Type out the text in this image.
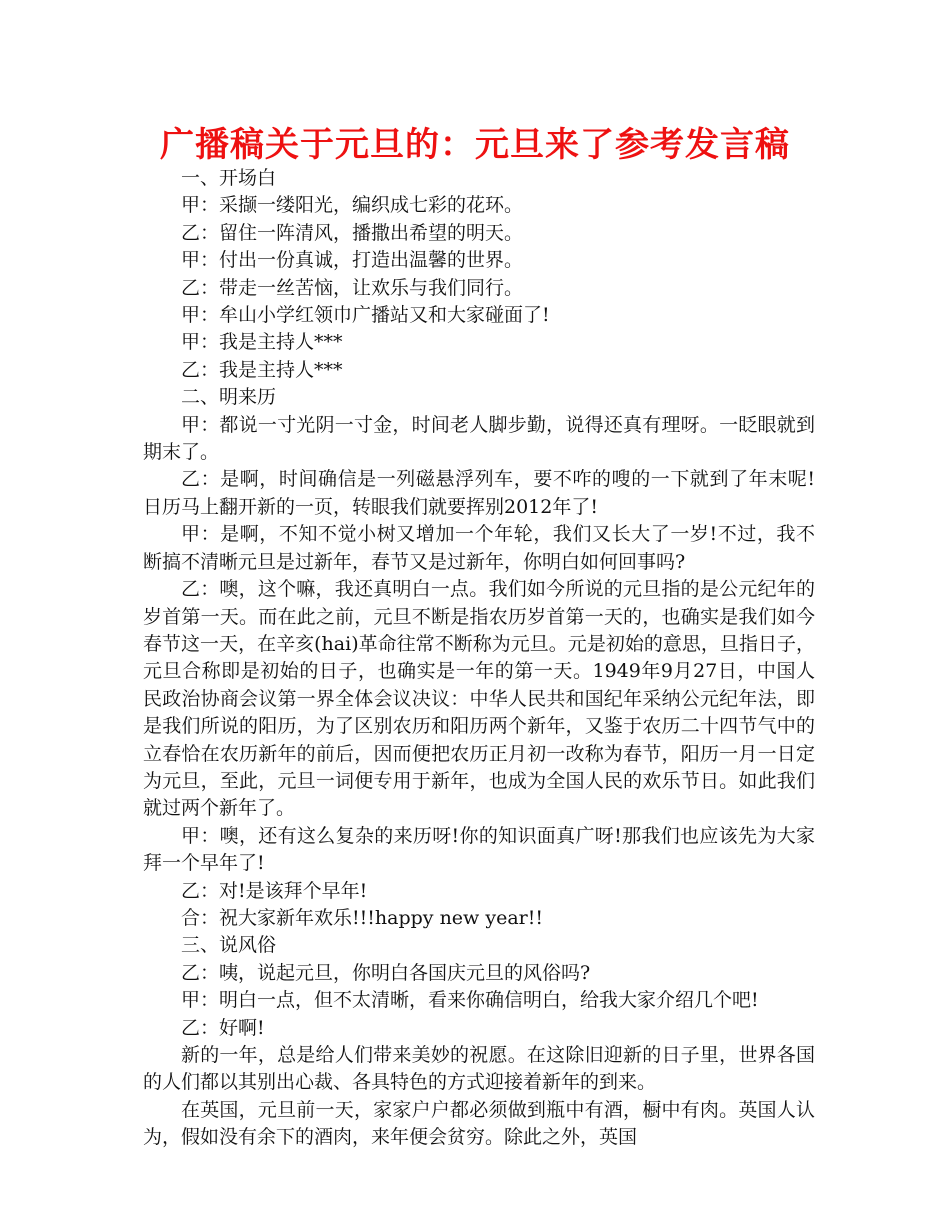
广播稿关于元旦的：元旦来了参考发言稿

一、开场白

甲：采撷一缕阳光，编织成七彩的花环。

乙：留住一阵清风，播撒出希望的明天。

甲：付出一份真诚，打造出温馨的世界。

乙：带走一丝苦恼，让欢乐与我们同行。

甲：牟山小学红领巾广播站又和大家碰面了!

甲：我是主持人***

乙：我是主持人***

二、明来历

甲：都说一寸光阴一寸金，时间老人脚步勤，说得还真有理呀。一眨眼就到期末了。

乙：是啊，时间确信是一列磁悬浮列车，要不咋的嗖的一下就到了年末呢!日历马上翻开新的一页，转眼我们就要挥别2012年了!

甲：是啊，不知不觉小树又增加一个年轮，我们又长大了一岁!不过，我不断搞不清晰元旦是过新年，春节又是过新年，你明白如何回事吗?

乙：噢，这个嘛，我还真明白一点。我们如今所说的元旦指的是公元纪年的岁首第一天。而在此之前，元旦不断是指农历岁首第一天的，也确实是我们如今春节这一天，在辛亥(hai)革命往常不断称为元旦。元是初始的意思，旦指日子，元旦合称即是初始的日子，也确实是一年的第一天。1949年9月27日，中国人民政治协商会议第一界全体会议决议：中华人民共和国纪年采纳公元纪年法，即是我们所说的阳历，为了区别农历和阳历两个新年，又鉴于农历二十四节气中的立春恰在农历新年的前后，因而便把农历正月初一改称为春节，阳历一月一日定为元旦，至此，元旦一词便专用于新年，也成为全国人民的欢乐节日。如此我们就过两个新年了。

甲：噢，还有这么复杂的来历呀!你的知识面真广呀!那我们也应该先为大家拜一个早年了!

乙：对!是该拜个早年!

合：祝大家新年欢乐!!!happy new year!!

三、说风俗

乙：咦，说起元旦，你明白各国庆元旦的风俗吗?

甲：明白一点，但不太清晰，看来你确信明白，给我大家介绍几个吧!

乙：好啊!

新的一年，总是给人们带来美妙的祝愿。在这除旧迎新的日子里，世界各国的人们都以其别出心裁、各具特色的方式迎接着新年的到来。

在英国，元旦前一天，家家户户都必须做到瓶中有酒，橱中有肉。英国人认为，假如没有余下的酒肉，来年便会贫穷。除此之外，英国
